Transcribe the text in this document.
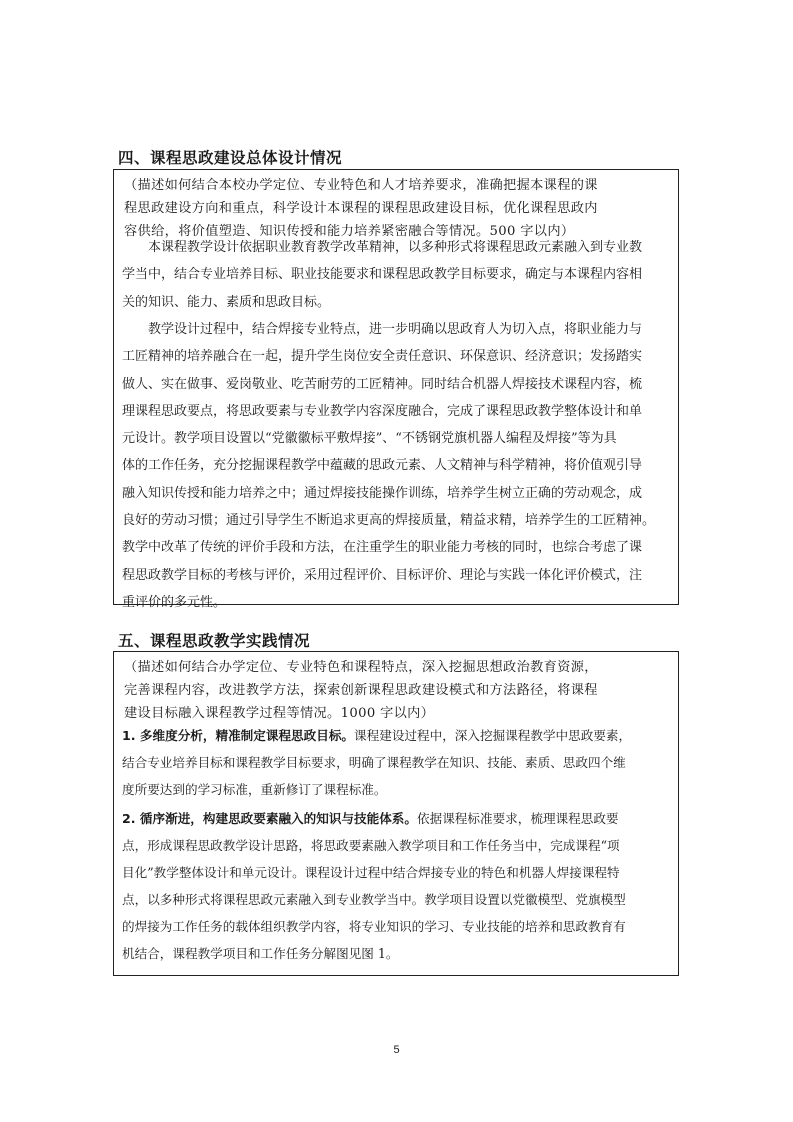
四、课程思政建设总体设计情况
（描述如何结合本校办学定位、专业特色和人才培养要求，准确把握本课程的课
程思政建设方向和重点，科学设计本课程的课程思政建设目标，优化课程思政内
容供给，将价值塑造、知识传授和能力培养紧密融合等情况。500 字以内）
本课程教学设计依据职业教育教学改革精神，以多种形式将课程思政元素融入到专业教
学当中，结合专业培养目标、职业技能要求和课程思政教学目标要求，确定与本课程内容相
关的知识、能力、素质和思政目标。
教学设计过程中，结合焊接专业特点，进一步明确以思政育人为切入点，将职业能力与
工匠精神的培养融合在一起，提升学生岗位安全责任意识、环保意识、经济意识；发扬踏实
做人、实在做事、爱岗敬业、吃苦耐劳的工匠精神。同时结合机器人焊接技术课程内容，梳
理课程思政要点，将思政要素与专业教学内容深度融合，完成了课程思政教学整体设计和单
元设计。教学项目设置以“党徽徽标平敷焊接”、“不锈钢党旗机器人编程及焊接”等为具
体的工作任务，充分挖掘课程教学中蕴藏的思政元素、人文精神与科学精神，将价值观引导
融入知识传授和能力培养之中；通过焊接技能操作训练，培养学生树立正确的劳动观念，成
良好的劳动习惯；通过引导学生不断追求更高的焊接质量，精益求精，培养学生的工匠精神。
教学中改革了传统的评价手段和方法，在注重学生的职业能力考核的同时，也综合考虑了课
程思政教学目标的考核与评价，采用过程评价、目标评价、理论与实践一体化评价模式，注
重评价的多元性。
五、课程思政教学实践情况
（描述如何结合办学定位、专业特色和课程特点，深入挖掘思想政治教育资源，
完善课程内容，改进教学方法，探索创新课程思政建设模式和方法路径，将课程
建设目标融入课程教学过程等情况。1000 字以内）
1. 多维度分析，精准制定课程思政目标。课程建设过程中，深入挖掘课程教学中思政要素，
结合专业培养目标和课程教学目标要求，明确了课程教学在知识、技能、素质、思政四个维
度所要达到的学习标准，重新修订了课程标准。
2. 循序渐进，构建思政要素融入的知识与技能体系。依据课程标准要求，梳理课程思政要
点，形成课程思政教学设计思路，将思政要素融入教学项目和工作任务当中，完成课程“项
目化”教学整体设计和单元设计。课程设计过程中结合焊接专业的特色和机器人焊接课程特
点，以多种形式将课程思政元素融入到专业教学当中。教学项目设置以党徽模型、党旗模型
的焊接为工作任务的载体组织教学内容，将专业知识的学习、专业技能的培养和思政教育有
机结合，课程教学项目和工作任务分解图见图 1。
5
